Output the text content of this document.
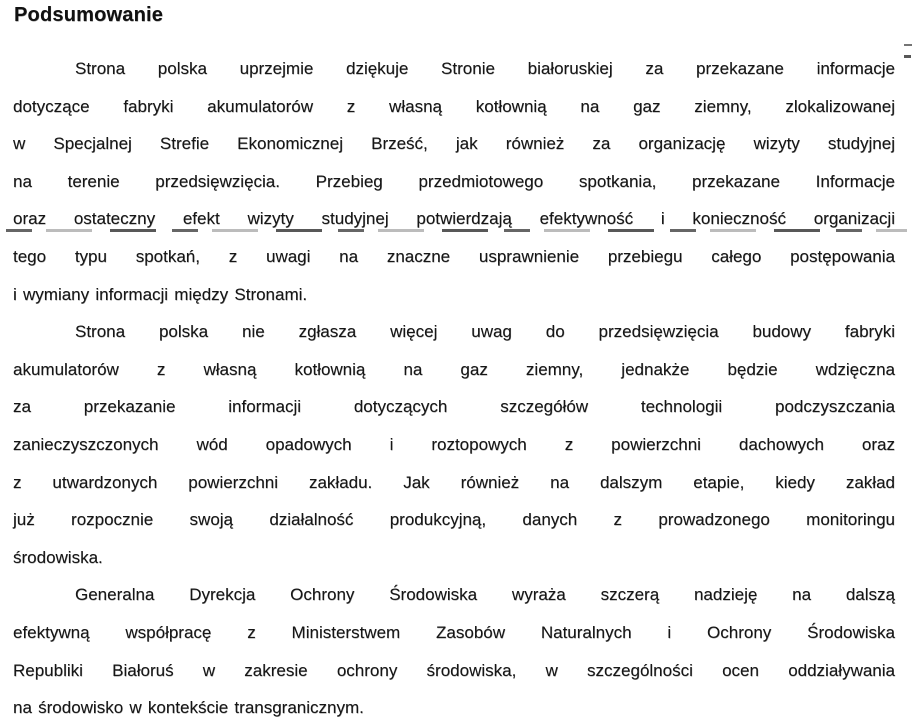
Podsumowanie
Strona polska uprzejmie dziękuje Stronie białoruskiej za przekazane informacje
dotyczące fabryki akumulatorów z własną kotłownią na gaz ziemny, zlokalizowanej
w Specjalnej Strefie Ekonomicznej Brześć, jak również za organizację wizyty studyjnej
na terenie przedsięwzięcia. Przebieg przedmiotowego spotkania, przekazane Informacje
oraz ostateczny efekt wizyty studyjnej potwierdzają efektywność i konieczność organizacji
tego typu spotkań, z uwagi na znaczne usprawnienie przebiegu całego postępowania
i wymiany informacji między Stronami.
Strona polska nie zgłasza więcej uwag do przedsięwzięcia budowy fabryki
akumulatorów z własną kotłownią na gaz ziemny, jednakże będzie wdzięczna
za przekazanie informacji dotyczących szczegółów technologii podczyszczania
zanieczyszczonych wód opadowych i roztopowych z powierzchni dachowych oraz
z utwardzonych powierzchni zakładu. Jak również na dalszym etapie, kiedy zakład
już rozpocznie swoją działalność produkcyjną, danych z prowadzonego monitoringu
środowiska.
Generalna Dyrekcja Ochrony Środowiska wyraża szczerą nadzieję na dalszą
efektywną współpracę z Ministerstwem Zasobów Naturalnych i Ochrony Środowiska
Republiki Białoruś w zakresie ochrony środowiska, w szczególności ocen oddziaływania
na środowisko w kontekście transgranicznym.
